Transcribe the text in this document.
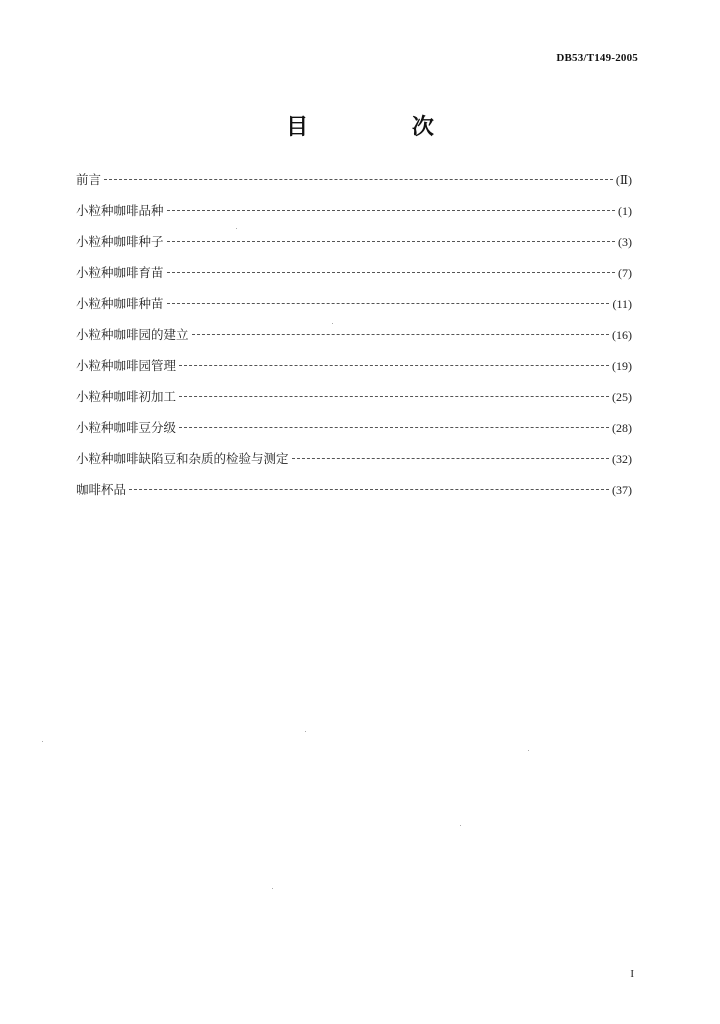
DB53/T149-2005
目 次
前言	(Ⅱ)
小粒种咖啡品种	(1)
小粒种咖啡种子	(3)
小粒种咖啡育苗	(7)
小粒种咖啡种苗	(11)
小粒种咖啡园的建立	(16)
小粒种咖啡园管理	(19)
小粒种咖啡初加工	(25)
小粒种咖啡豆分级	(28)
小粒种咖啡缺陷豆和杂质的检验与测定	(32)
咖啡杯品	(37)
I
